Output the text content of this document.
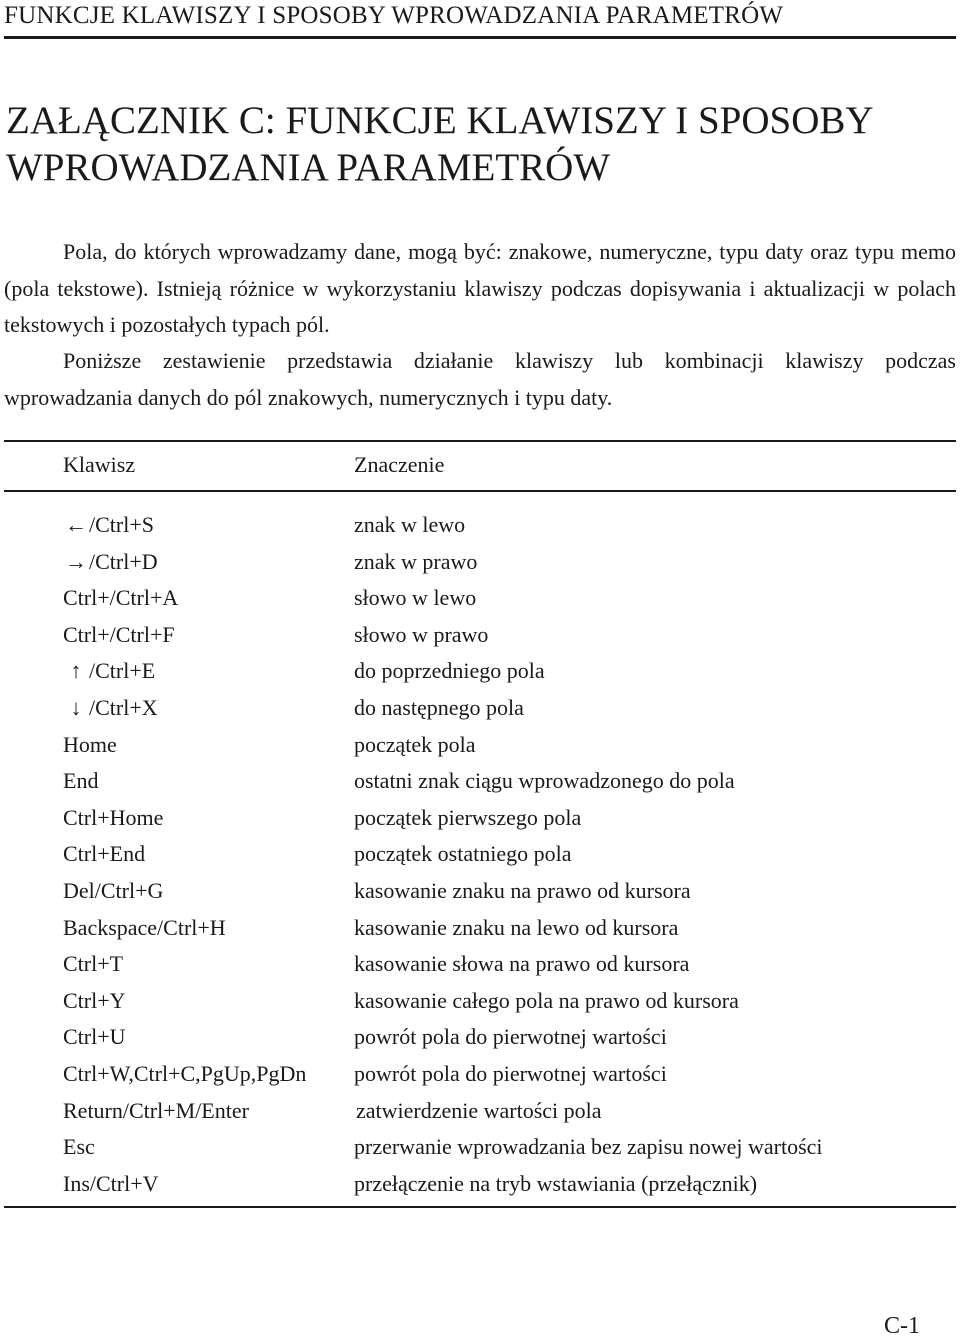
FUNKCJE KLAWISZY I SPOSOBY WPROWADZANIA PARAMETRÓW
ZAŁĄCZNIK C: FUNKCJE KLAWISZY I SPOSOBY WPROWADZANIA PARAMETRÓW

Pola, do których wprowadzamy dane, mogą być: znakowe, numeryczne, typu daty oraz typu memo (pola tekstowe). Istnieją różnice w wykorzystaniu klawiszy podczas dopisywania i aktualizacji w polach tekstowych i pozostałych typach pól.

Poniższe zestawienie przedstawia działanie klawiszy lub kombinacji klawiszy podczas wprowadzania danych do pól znakowych, numerycznych i typu daty.

Klawisz	Znaczenie
←/Ctrl+S	znak w lewo
→/Ctrl+D	znak w prawo
Ctrl+/Ctrl+A	słowo w lewo
Ctrl+/Ctrl+F	słowo w prawo
↑ /Ctrl+E	do poprzedniego pola
↓ /Ctrl+X	do następnego pola
Home	początek pola
End	ostatni znak ciągu wprowadzonego do pola
Ctrl+Home	początek pierwszego pola
Ctrl+End	początek ostatniego pola
Del/Ctrl+G	kasowanie znaku na prawo od kursora
Backspace/Ctrl+H	kasowanie znaku na lewo od kursora
Ctrl+T	kasowanie słowa na prawo od kursora
Ctrl+Y	kasowanie całego pola na prawo od kursora
Ctrl+U	powrót pola do pierwotnej wartości
Ctrl+W,Ctrl+C,PgUp,PgDn powrót pola do pierwotnej wartości
Return/Ctrl+M/Enter	zatwierdzenie wartości pola
Esc	przerwanie wprowadzania bez zapisu nowej wartości
Ins/Ctrl+V	przełączenie na tryb wstawiania (przełącznik)
C-1
